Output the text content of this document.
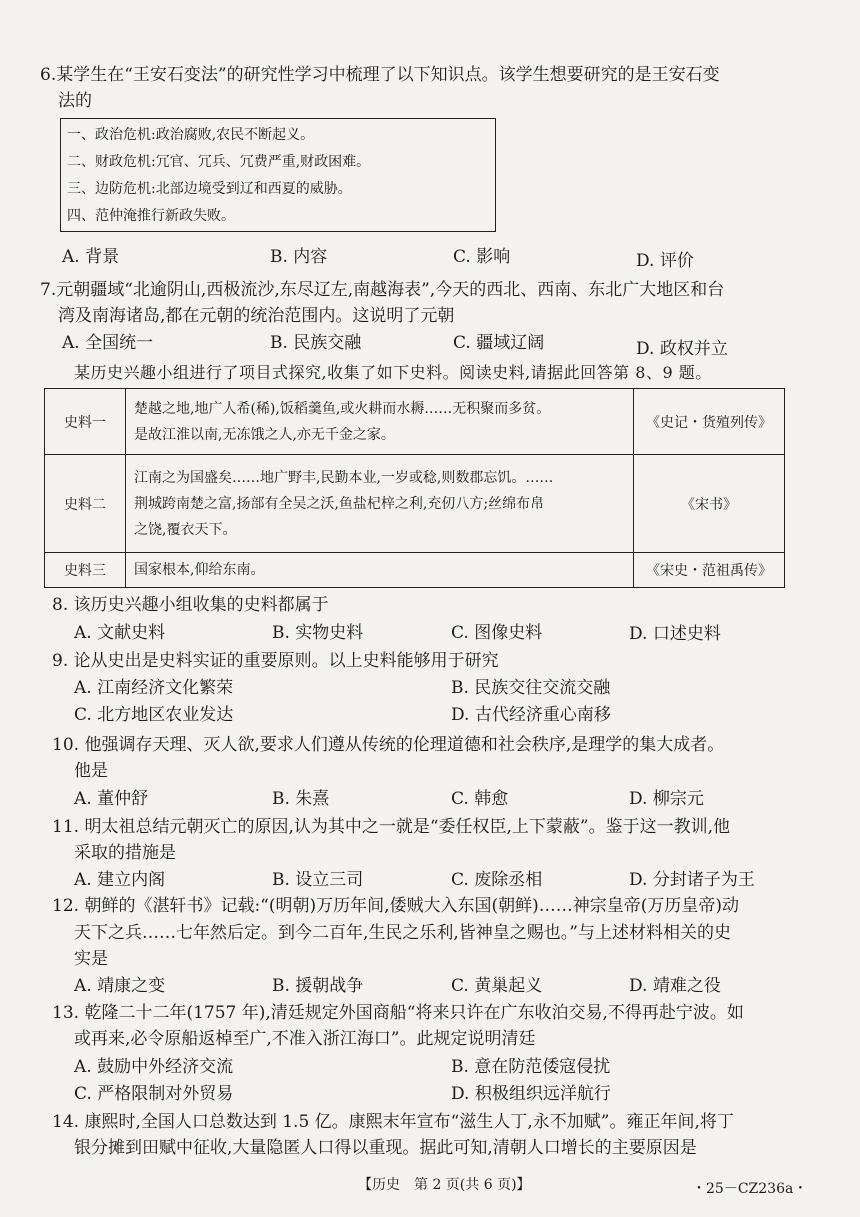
6.某学生在“王安石变法”的研究性学习中梳理了以下知识点。该学生想要研究的是王安石变
法的
一、政治危机:政治腐败,农民不断起义。
二、财政危机:冗官、冗兵、冗费严重,财政困难。
三、边防危机:北部边境受到辽和西夏的威胁。
四、范仲淹推行新政失败。
A. 背景	B. 内容	C. 影响	D. 评价
7.元朝疆域“北逾阴山,西极流沙,东尽辽左,南越海表”,今天的西北、西南、东北广大地区和台
湾及南海诸岛,都在元朝的统治范围内。这说明了元朝
A. 全国统一	B. 民族交融	C. 疆域辽阔	D. 政权并立
某历史兴趣小组进行了项目式探究,收集了如下史料。阅读史料,请据此回答第 8、9 题。
史料一	楚越之地,地广人希(稀),饭稻羹鱼,或火耕而水耨……无积聚而多贫。
是故江淮以南,无冻饿之人,亦无千金之家。	《史记・货殖列传》
史料二	江南之为国盛矣……地广野丰,民勤本业,一岁或稔,则数郡忘饥。……
荆城跨南楚之富,扬部有全吴之沃,鱼盐杞梓之利,充仞八方;丝绵布帛
之饶,覆衣天下。	《宋书》
史料三	国家根本,仰给东南。	《宋史・范祖禹传》
8. 该历史兴趣小组收集的史料都属于
A. 文献史料	B. 实物史料	C. 图像史料	D. 口述史料
9. 论从史出是史料实证的重要原则。以上史料能够用于研究
A. 江南经济文化繁荣	B. 民族交往交流交融
C. 北方地区农业发达	D. 古代经济重心南移
10. 他强调存天理、灭人欲,要求人们遵从传统的伦理道德和社会秩序,是理学的集大成者。
他是
A. 董仲舒	B. 朱熹	C. 韩愈	D. 柳宗元
11. 明太祖总结元朝灭亡的原因,认为其中之一就是“委任权臣,上下蒙蔽”。鉴于这一教训,他
采取的措施是
A. 建立内阁	B. 设立三司	C. 废除丞相	D. 分封诸子为王
12. 朝鲜的《湛轩书》记载:“(明朝)万历年间,倭贼大入东国(朝鲜)……神宗皇帝(万历皇帝)动
天下之兵……七年然后定。到今二百年,生民之乐利,皆神皇之赐也。”与上述材料相关的史
实是
A. 靖康之变	B. 援朝战争	C. 黄巢起义	D. 靖难之役
13. 乾隆二十二年(1757 年),清廷规定外国商船“将来只许在广东收泊交易,不得再赴宁波。如
或再来,必令原船返棹至广,不准入浙江海口”。此规定说明清廷
A. 鼓励中外经济交流	B. 意在防范倭寇侵扰
C. 严格限制对外贸易	D. 积极组织远洋航行
14. 康熙时,全国人口总数达到 1.5 亿。康熙末年宣布“滋生人丁,永不加赋”。雍正年间,将丁
银分摊到田赋中征收,大量隐匿人口得以重现。据此可知,清朝人口增长的主要原因是
【历史　第 2 页(共 6 页)】	・25－CZ236a・
